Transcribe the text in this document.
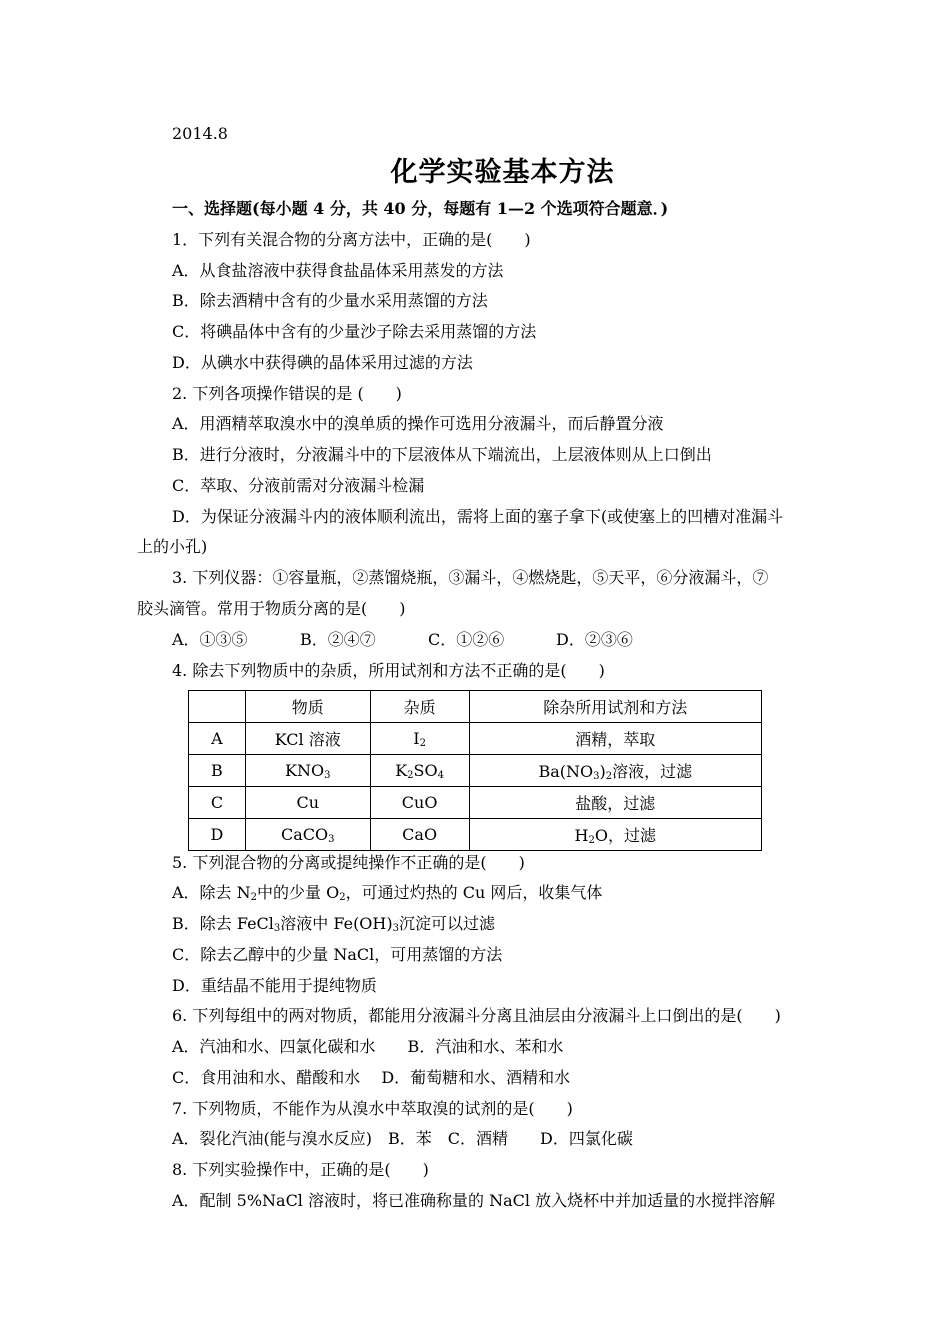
2014.8
化学实验基本方法
一、选择题(每小题 4 分，共 40 分，每题有 1—2 个选项符合题意．)
1．下列有关混合物的分离方法中，正确的是(　　)
A．从食盐溶液中获得食盐晶体采用蒸发的方法
B．除去酒精中含有的少量水采用蒸馏的方法
C．将碘晶体中含有的少量沙子除去采用蒸馏的方法
D．从碘水中获得碘的晶体采用过滤的方法
2. 下列各项操作错误的是 (　　)
A．用酒精萃取溴水中的溴单质的操作可选用分液漏斗，而后静置分液
B．进行分液时，分液漏斗中的下层液体从下端流出，上层液体则从上口倒出
C．萃取、分液前需对分液漏斗检漏
D．为保证分液漏斗内的液体顺利流出，需将上面的塞子拿下(或使塞上的凹槽对准漏斗
上的小孔)
3. 下列仪器：①容量瓶，②蒸馏烧瓶，③漏斗，④燃烧匙，⑤天平，⑥分液漏斗，⑦
胶头滴管。常用于物质分离的是(　　)
A．①③⑤	B．②④⑦	C．①②⑥	D．②③⑥
4. 除去下列物质中的杂质，所用试剂和方法不正确的是(　　)
	物质	杂质	除杂所用试剂和方法
A	KCl 溶液	$I_2$	酒精，萃取
B	$KNO_3$	$K_2SO_4$	$Ba(NO_3)_2$溶液，过滤
C	Cu	CuO	盐酸，过滤
D	CaCO$_3$	CaO	$H_2O$，过滤
5. 下列混合物的分离或提纯操作不正确的是(　　)
A．除去 $N_2$中的少量 $O_2$，可通过灼热的 Cu 网后，收集气体
B．除去 FeCl$_3$溶液中 $Fe(OH)_3$沉淀可以过滤
C．除去乙醇中的少量 NaCl，可用蒸馏的方法
D．重结晶不能用于提纯物质
6. 下列每组中的两对物质，都能用分液漏斗分离且油层由分液漏斗上口倒出的是(　　)
A．汽油和水、四氯化碳和水　　B．汽油和水、苯和水
C．食用油和水、醋酸和水　 D．葡萄糖和水、酒精和水
7. 下列物质，不能作为从溴水中萃取溴的试剂的是(　　)
A．裂化汽油(能与溴水反应)　B．苯　C．酒精　　D．四氯化碳
8. 下列实验操作中，正确的是(　　)
A．配制 5%NaCl 溶液时，将已准确称量的 NaCl 放入烧杯中并加适量的水搅拌溶解
